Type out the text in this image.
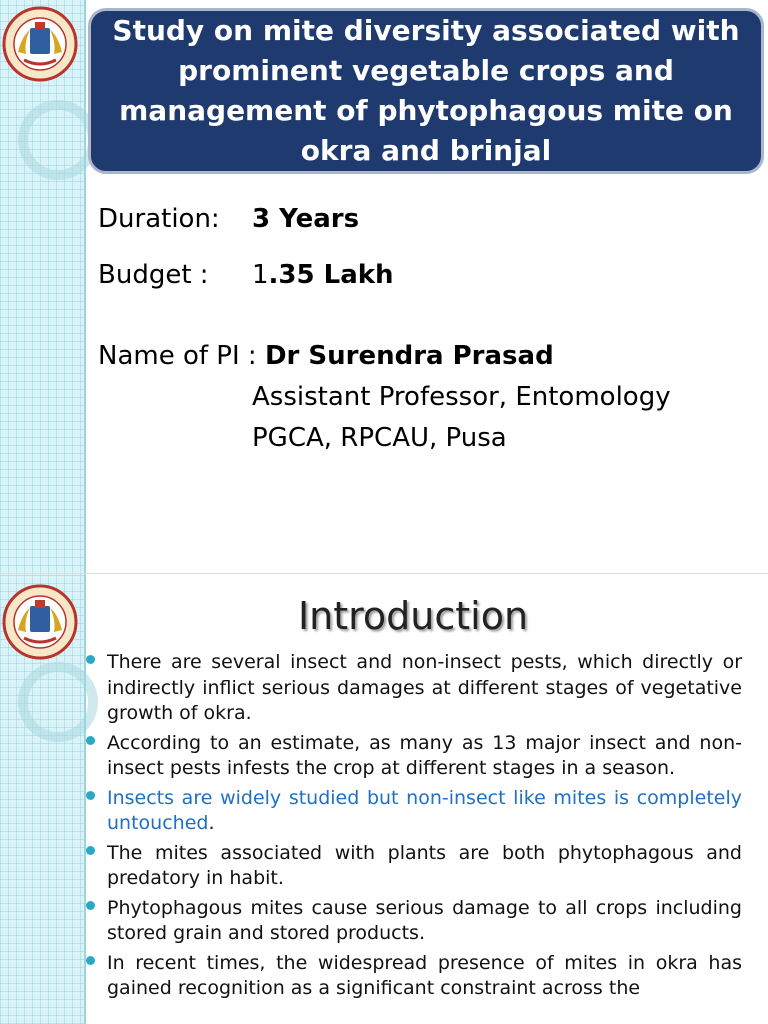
Study on mite diversity associated with prominent vegetable crops and management of phytophagous mite on okra and brinjal
Duration: 3 Years
Budget : 1.35 Lakh
Name of PI : Dr Surendra Prasad
Assistant Professor, Entomology
PGCA, RPCAU, Pusa
Introduction
There are several insect and non-insect pests, which directly or indirectly inflict serious damages at different stages of vegetative growth of okra.
According to an estimate, as many as 13 major insect and non-insect pests infests the crop at different stages in a season.
Insects are widely studied but non-insect like mites is completely untouched.
The mites associated with plants are both phytophagous and predatory in habit.
Phytophagous mites cause serious damage to all crops including stored grain and stored products.
In recent times, the widespread presence of mites in okra has gained recognition as a significant constraint across the
